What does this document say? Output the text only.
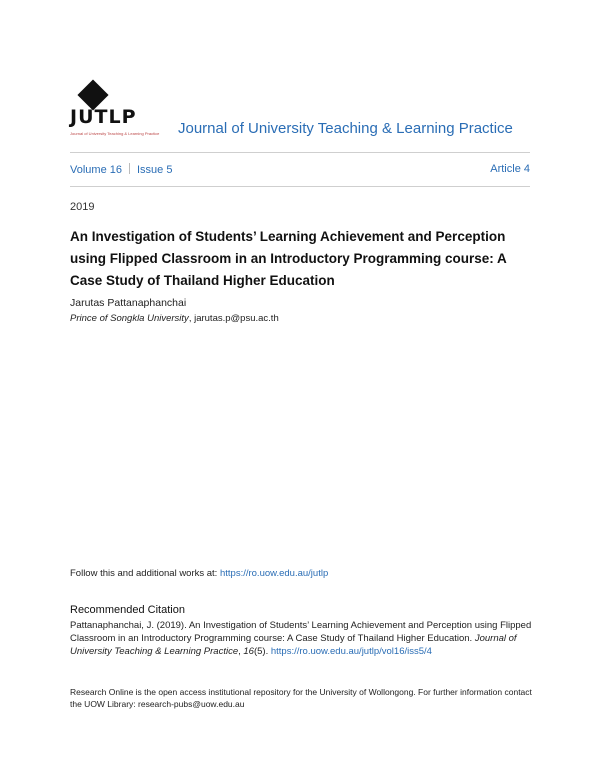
JUTLP
Journal of University Teaching & Learning Practice Journal of University Teaching & Learning Practice
Volume 16 Issue 5	Article 4
2019
An Investigation of Students’ Learning Achievement and Perception using Flipped Classroom in an Introductory Programming course: A Case Study of Thailand Higher Education
Jarutas Pattanaphanchai
Prince of Songkla University, jarutas.p@psu.ac.th
Follow this and additional works at: https://ro.uow.edu.au/jutlp
Recommended Citation
Pattanaphanchai, J. (2019). An Investigation of Students’ Learning Achievement and Perception using Flipped Classroom in an Introductory Programming course: A Case Study of Thailand Higher Education. Journal of University Teaching & Learning Practice, 16(5). https://ro.uow.edu.au/jutlp/vol16/iss5/4
Research Online is the open access institutional repository for the University of Wollongong. For further information contact the UOW Library: research-pubs@uow.edu.au
